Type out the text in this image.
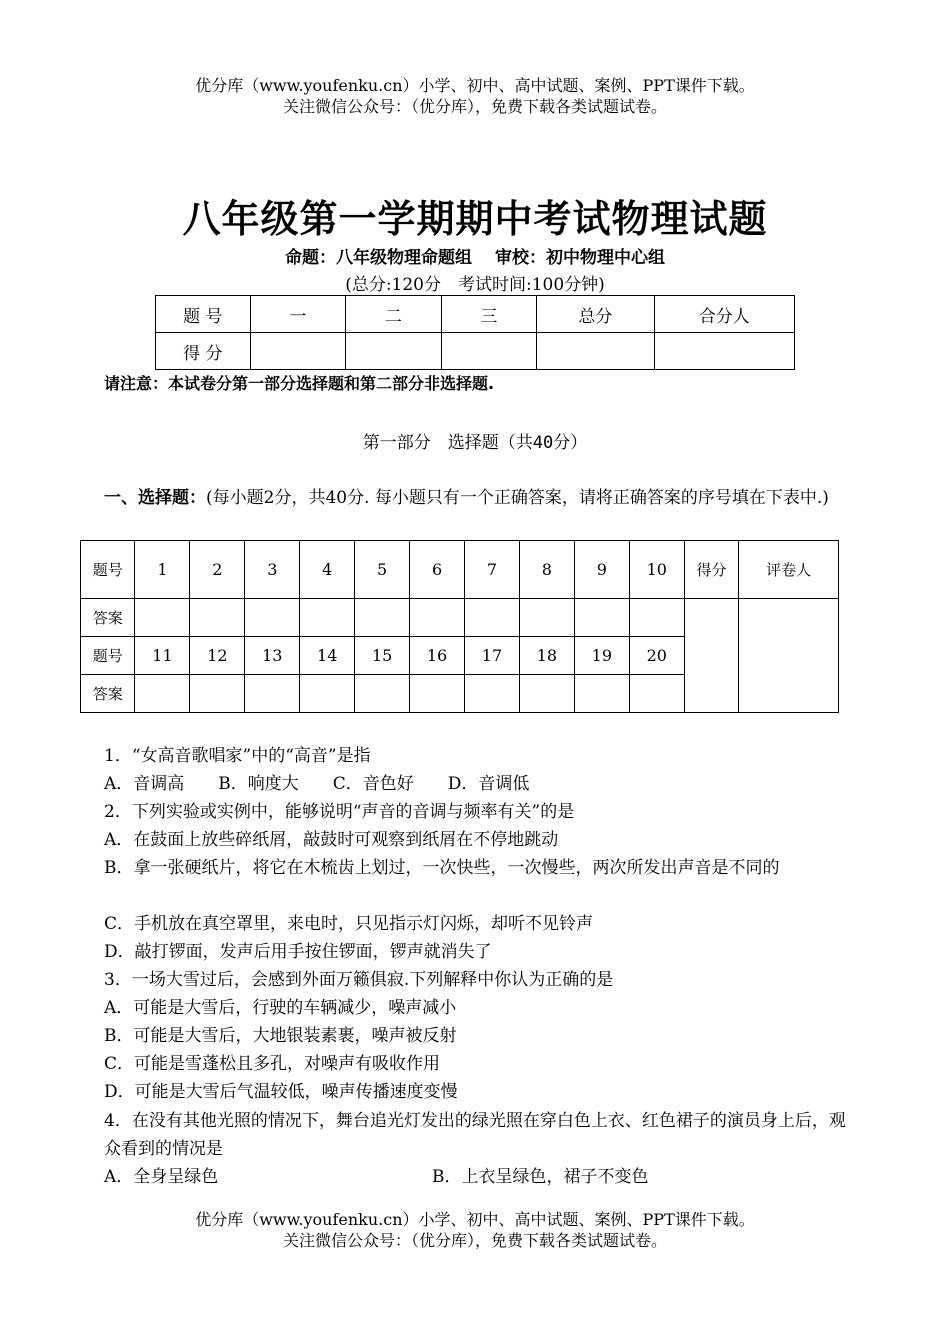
优分库（www.youfenku.cn）小学、初中、高中试题、案例、PPT课件下载。
关注微信公众号：（优分库），免费下载各类试题试卷。
八年级第一学期期中考试物理试题
命题：八年级物理命题组　 审校：初中物理中心组
(总分:120分　考试时间:100分钟)
题 号	一	二	三	总分	合分人
得 分					
请注意：本试卷分第一部分选择题和第二部分非选择题.
第一部分　选择题（共40分）
一、选择题：(每小题2分，共40分. 每小题只有一个正确答案，请将正确答案的序号填在下表中.)
题号	1	2	3	4	5	6	7	8	9	10	得分	评卷人
答案												
题号	11	12	13	14	15	16	17	18	19	20		
答案												
1．“女高音歌唱家”中的“高音”是指
A．音调高　　B．响度大　　C．音色好　　D．音调低
2．下列实验或实例中，能够说明“声音的音调与频率有关”的是
A．在鼓面上放些碎纸屑，敲鼓时可观察到纸屑在不停地跳动
B．拿一张硬纸片，将它在木梳齿上划过，一次快些，一次慢些，两次所发出声音是不同的
C．手机放在真空罩里，来电时，只见指示灯闪烁，却听不见铃声
D．敲打锣面，发声后用手按住锣面，锣声就消失了
3．一场大雪过后，会感到外面万籁俱寂.下列解释中你认为正确的是
A．可能是大雪后，行驶的车辆减少，噪声减小
B．可能是大雪后，大地银装素裹，噪声被反射
C．可能是雪蓬松且多孔，对噪声有吸收作用
D．可能是大雪后气温较低，噪声传播速度变慢
4．在没有其他光照的情况下，舞台追光灯发出的绿光照在穿白色上衣、红色裙子的演员身上后，观众看到的情况是
A．全身呈绿色	B．上衣呈绿色，裙子不变色
优分库（www.youfenku.cn）小学、初中、高中试题、案例、PPT课件下载。
关注微信公众号：（优分库），免费下载各类试题试卷。
